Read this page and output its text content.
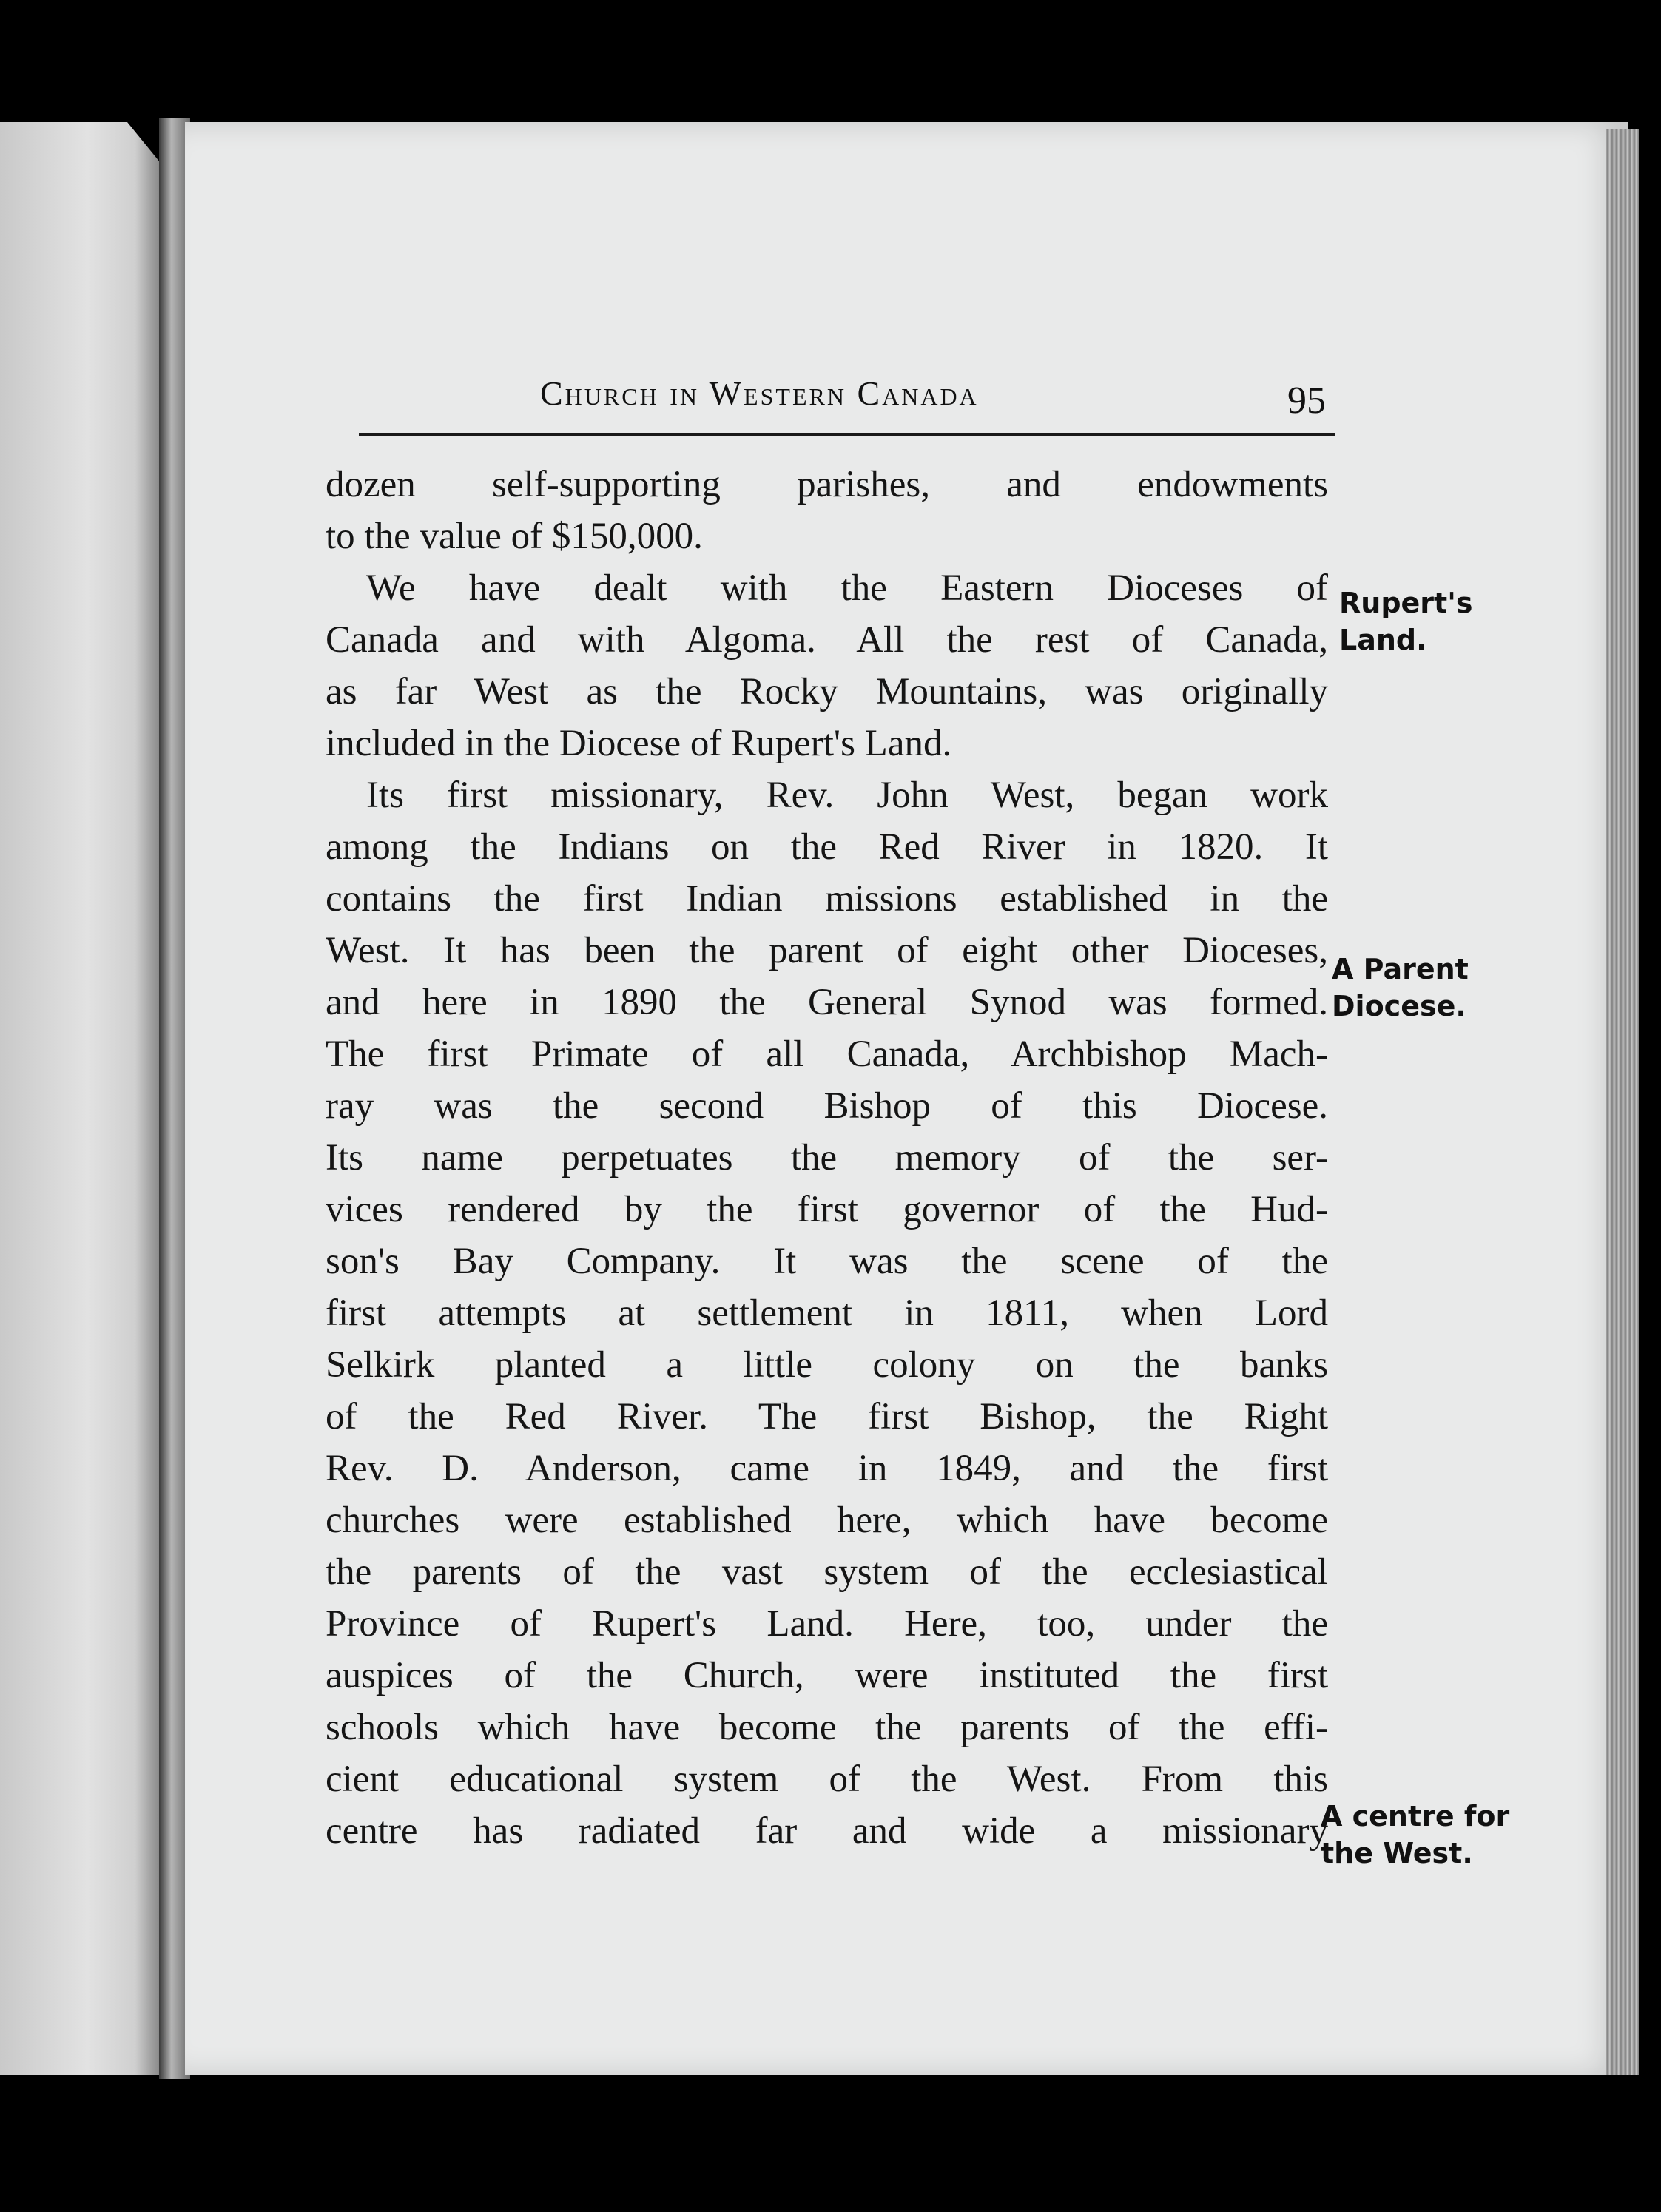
Church in Western Canada	95
dozen self-supporting parishes, and endowments
to the value of $150,000.
We have dealt with the Eastern Dioceses of
Canada and with Algoma. All the rest of Canada,
as far West as the Rocky Mountains, was originally
included in the Diocese of Rupert's Land.
Its first missionary, Rev. John West, began work
among the Indians on the Red River in 1820. It
contains the first Indian missions established in the
West. It has been the parent of eight other Dioceses,
and here in 1890 the General Synod was formed.
The first Primate of all Canada, Archbishop Mach-
ray was the second Bishop of this Diocese.
Its name perpetuates the memory of the ser-
vices rendered by the first governor of the Hud-
son's Bay Company. It was the scene of the
first attempts at settlement in 1811, when Lord
Selkirk planted a little colony on the banks
of the Red River. The first Bishop, the Right
Rev. D. Anderson, came in 1849, and the first
churches were established here, which have become
the parents of the vast system of the ecclesiastical
Province of Rupert's Land. Here, too, under the
auspices of the Church, were instituted the first
schools which have become the parents of the effi-
cient educational system of the West. From this
centre has radiated far and wide a missionary
Rupert's
Land.
A Parent
Diocese.
A centre for
the West.
